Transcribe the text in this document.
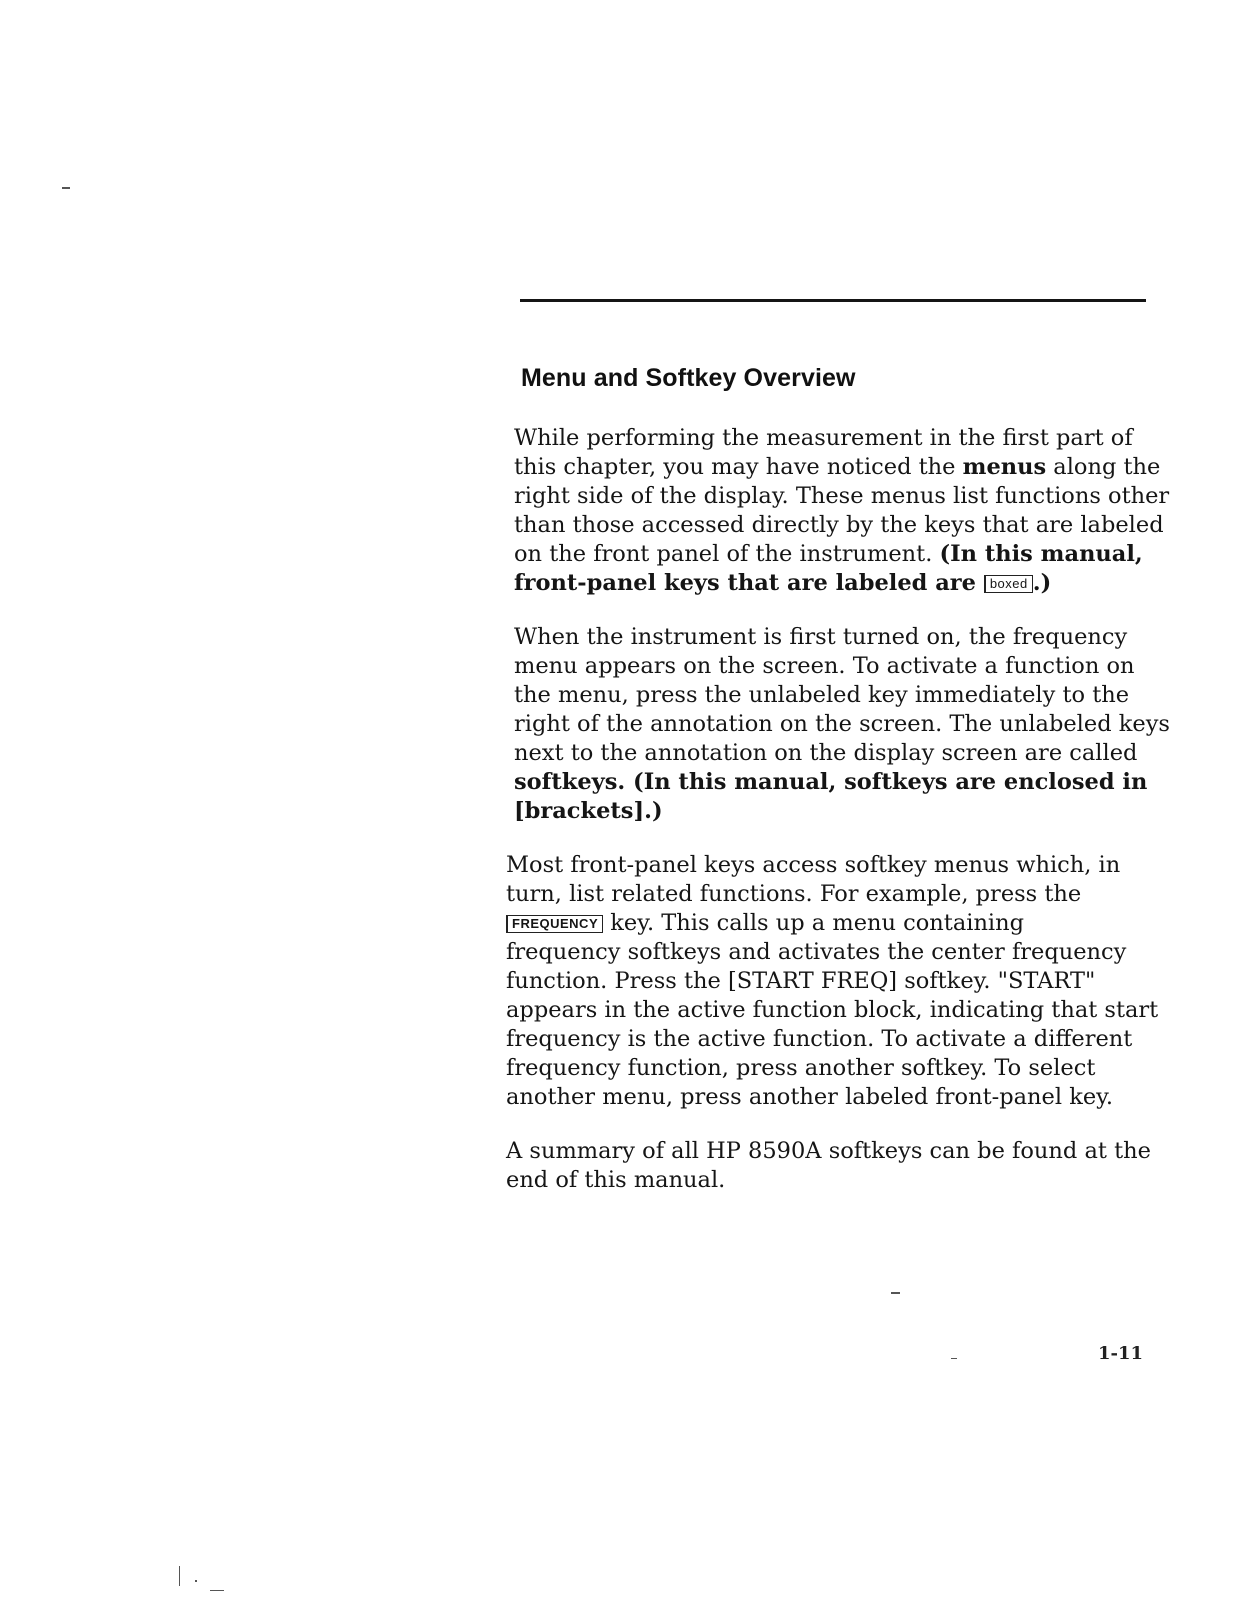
Menu and Softkey Overview

While performing the measurement in the first part of
this chapter, you may have noticed the menus along the
right side of the display. These menus list functions other
than those accessed directly by the keys that are labeled
on the front panel of the instrument. (In this manual,
front-panel keys that are labeled are boxed .)

When the instrument is first turned on, the frequency
menu appears on the screen. To activate a function on
the menu, press the unlabeled key immediately to the
right of the annotation on the screen. The unlabeled keys
next to the annotation on the display screen are called
softkeys. (In this manual, softkeys are enclosed in
[brackets].)

Most front-panel keys access softkey menus which, in
turn, list related functions. For example, press the
FREQUENCY key. This calls up a menu containing
frequency softkeys and activates the center frequency
function. Press the [START FREQ] softkey. "START"
appears in the active function block, indicating that start
frequency is the active function. To activate a different
frequency function, press another softkey. To select
another menu, press another labeled front-panel key.

A summary of all HP 8590A softkeys can be found at the
end of this manual.

1-11
